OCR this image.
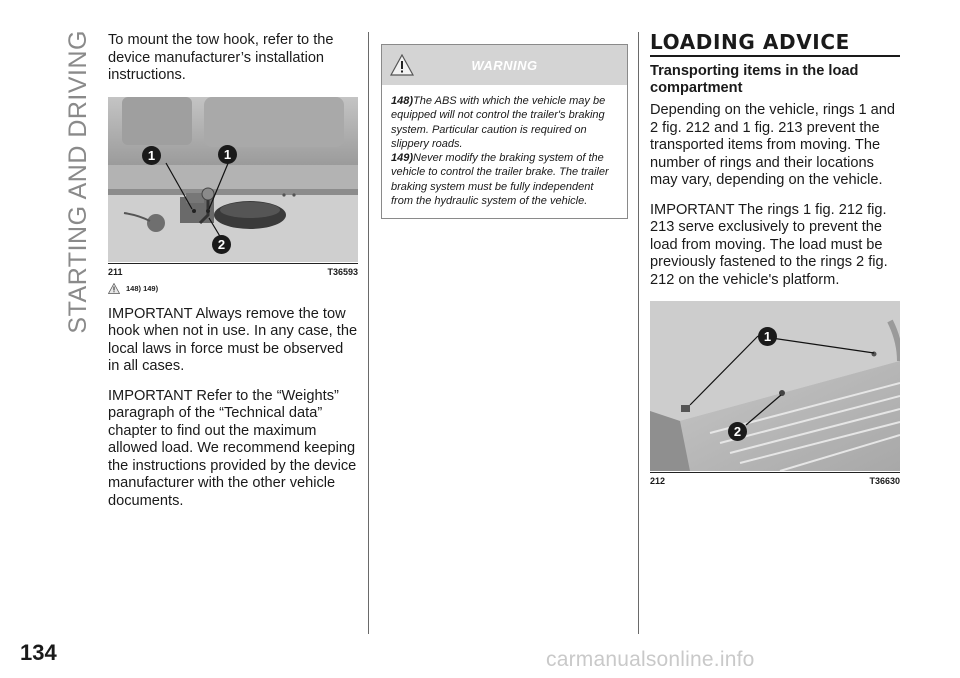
STARTING AND DRIVING To mount the tow hook, refer to the device manufacturer’s installation instructions.

1	1
2
211	T36593
148) 149)

IMPORTANT Always remove the tow hook when not in use. In any case, the local laws in force must be observed in all cases.

IMPORTANT Refer to the “Weights” paragraph of the “Technical data” chapter to find out the maximum allowed load. We recommend keeping the instructions provided by the device manufacturer with the other vehicle documents.

WARNING

148)The ABS with which the vehicle may be equipped will not control the trailer's braking system. Particular caution is required on slippery roads.

149)Never modify the braking system of the vehicle to control the trailer brake. The trailer braking system must be fully independent from the hydraulic system of the vehicle.

LOADING ADVICE

Transporting items in the load compartment

Depending on the vehicle, rings 1 and 2 fig. 212 and 1 fig. 213 prevent the transported items from moving. The number of rings and their locations may vary, depending on the vehicle.

IMPORTANT The rings 1 fig. 212 fig. 213 serve exclusively to prevent the load from moving. The load must be previously fastened to the rings 2 fig. 212 on the vehicle's platform.

1
2
212	T36630
134	carmanualsonline.info
